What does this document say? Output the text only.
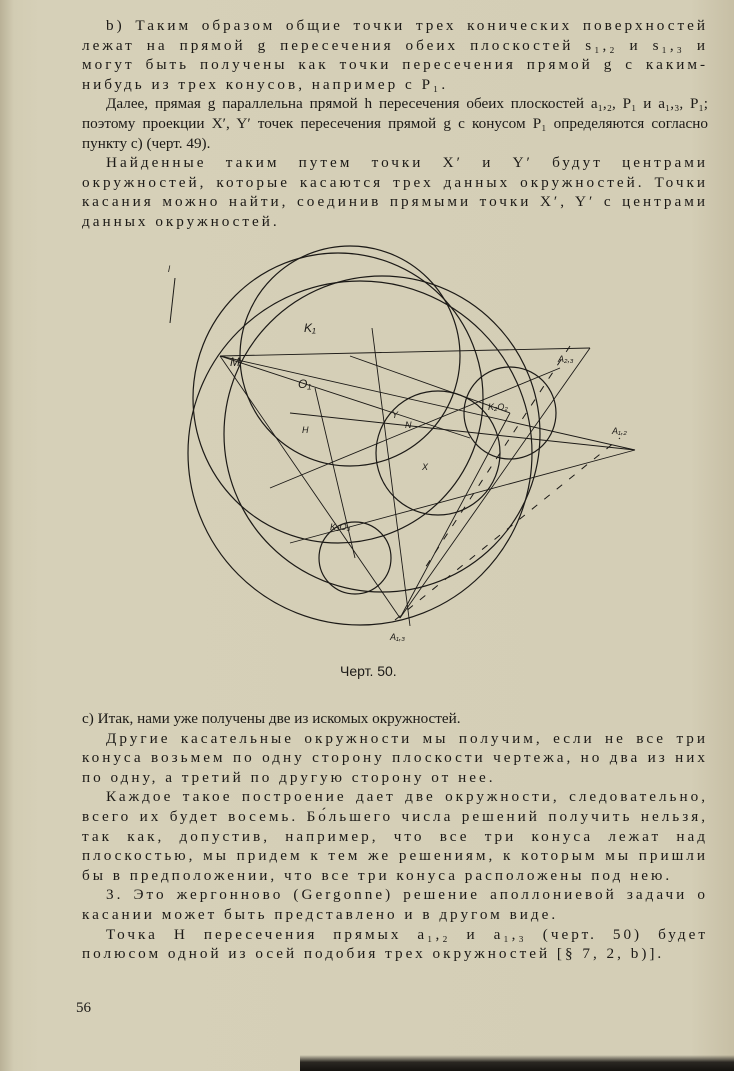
b) Таким образом общие точки трех конических поверхностей лежат на прямой g пересечения обеих плоскостей s₁,₂ и s₁,₃ и могут быть получены как точки пересечения прямой g с каким-нибудь из трех конусов, например с P₁.

Далее, прямая g параллельна прямой h пересечения обеих плоскостей a₁,₂, P₁ и a₁,₃, P₁; поэтому проекции X′, Y′ точек пересечения прямой g с конусом P₁ определяются согласно пункту с) (черт. 49).

Найденные таким путем точки X′ и Y′ будут центрами окружностей, которые касаются трех данных окружностей. Точки касания можно найти, соединив прямыми точки X′, Y′ с центрами данных окружностей.

K₁
M
O₁
Y
N
H
X
K₂O₂
K₃O₃
A₂,₃
A₁,₂
A₁,₃
l
Черт. 50.

c) Итак, нами уже получены две из искомых окружностей.

Другие касательные окружности мы получим, если не все три конуса возьмем по одну сторону плоскости чертежа, но два из них по одну, а третий по другую сторону от нее.

Каждое такое построение дает две окружности, следовательно, всего их будет восемь. Бо́льшего числа решений получить нельзя, так как, допустив, например, что все три конуса лежат над плоскостью, мы придем к тем же решениям, к которым мы пришли бы в предположении, что все три конуса расположены под нею.

3. Это жергонново (Gergonne) решение аполлониевой задачи о касании может быть представлено и в другом виде.

Точка H пересечения прямых a₁,₂ и a₁,₃ (черт. 50) будет полюсом одной из осей подобия трех окружностей [§ 7, 2, b)].

56
